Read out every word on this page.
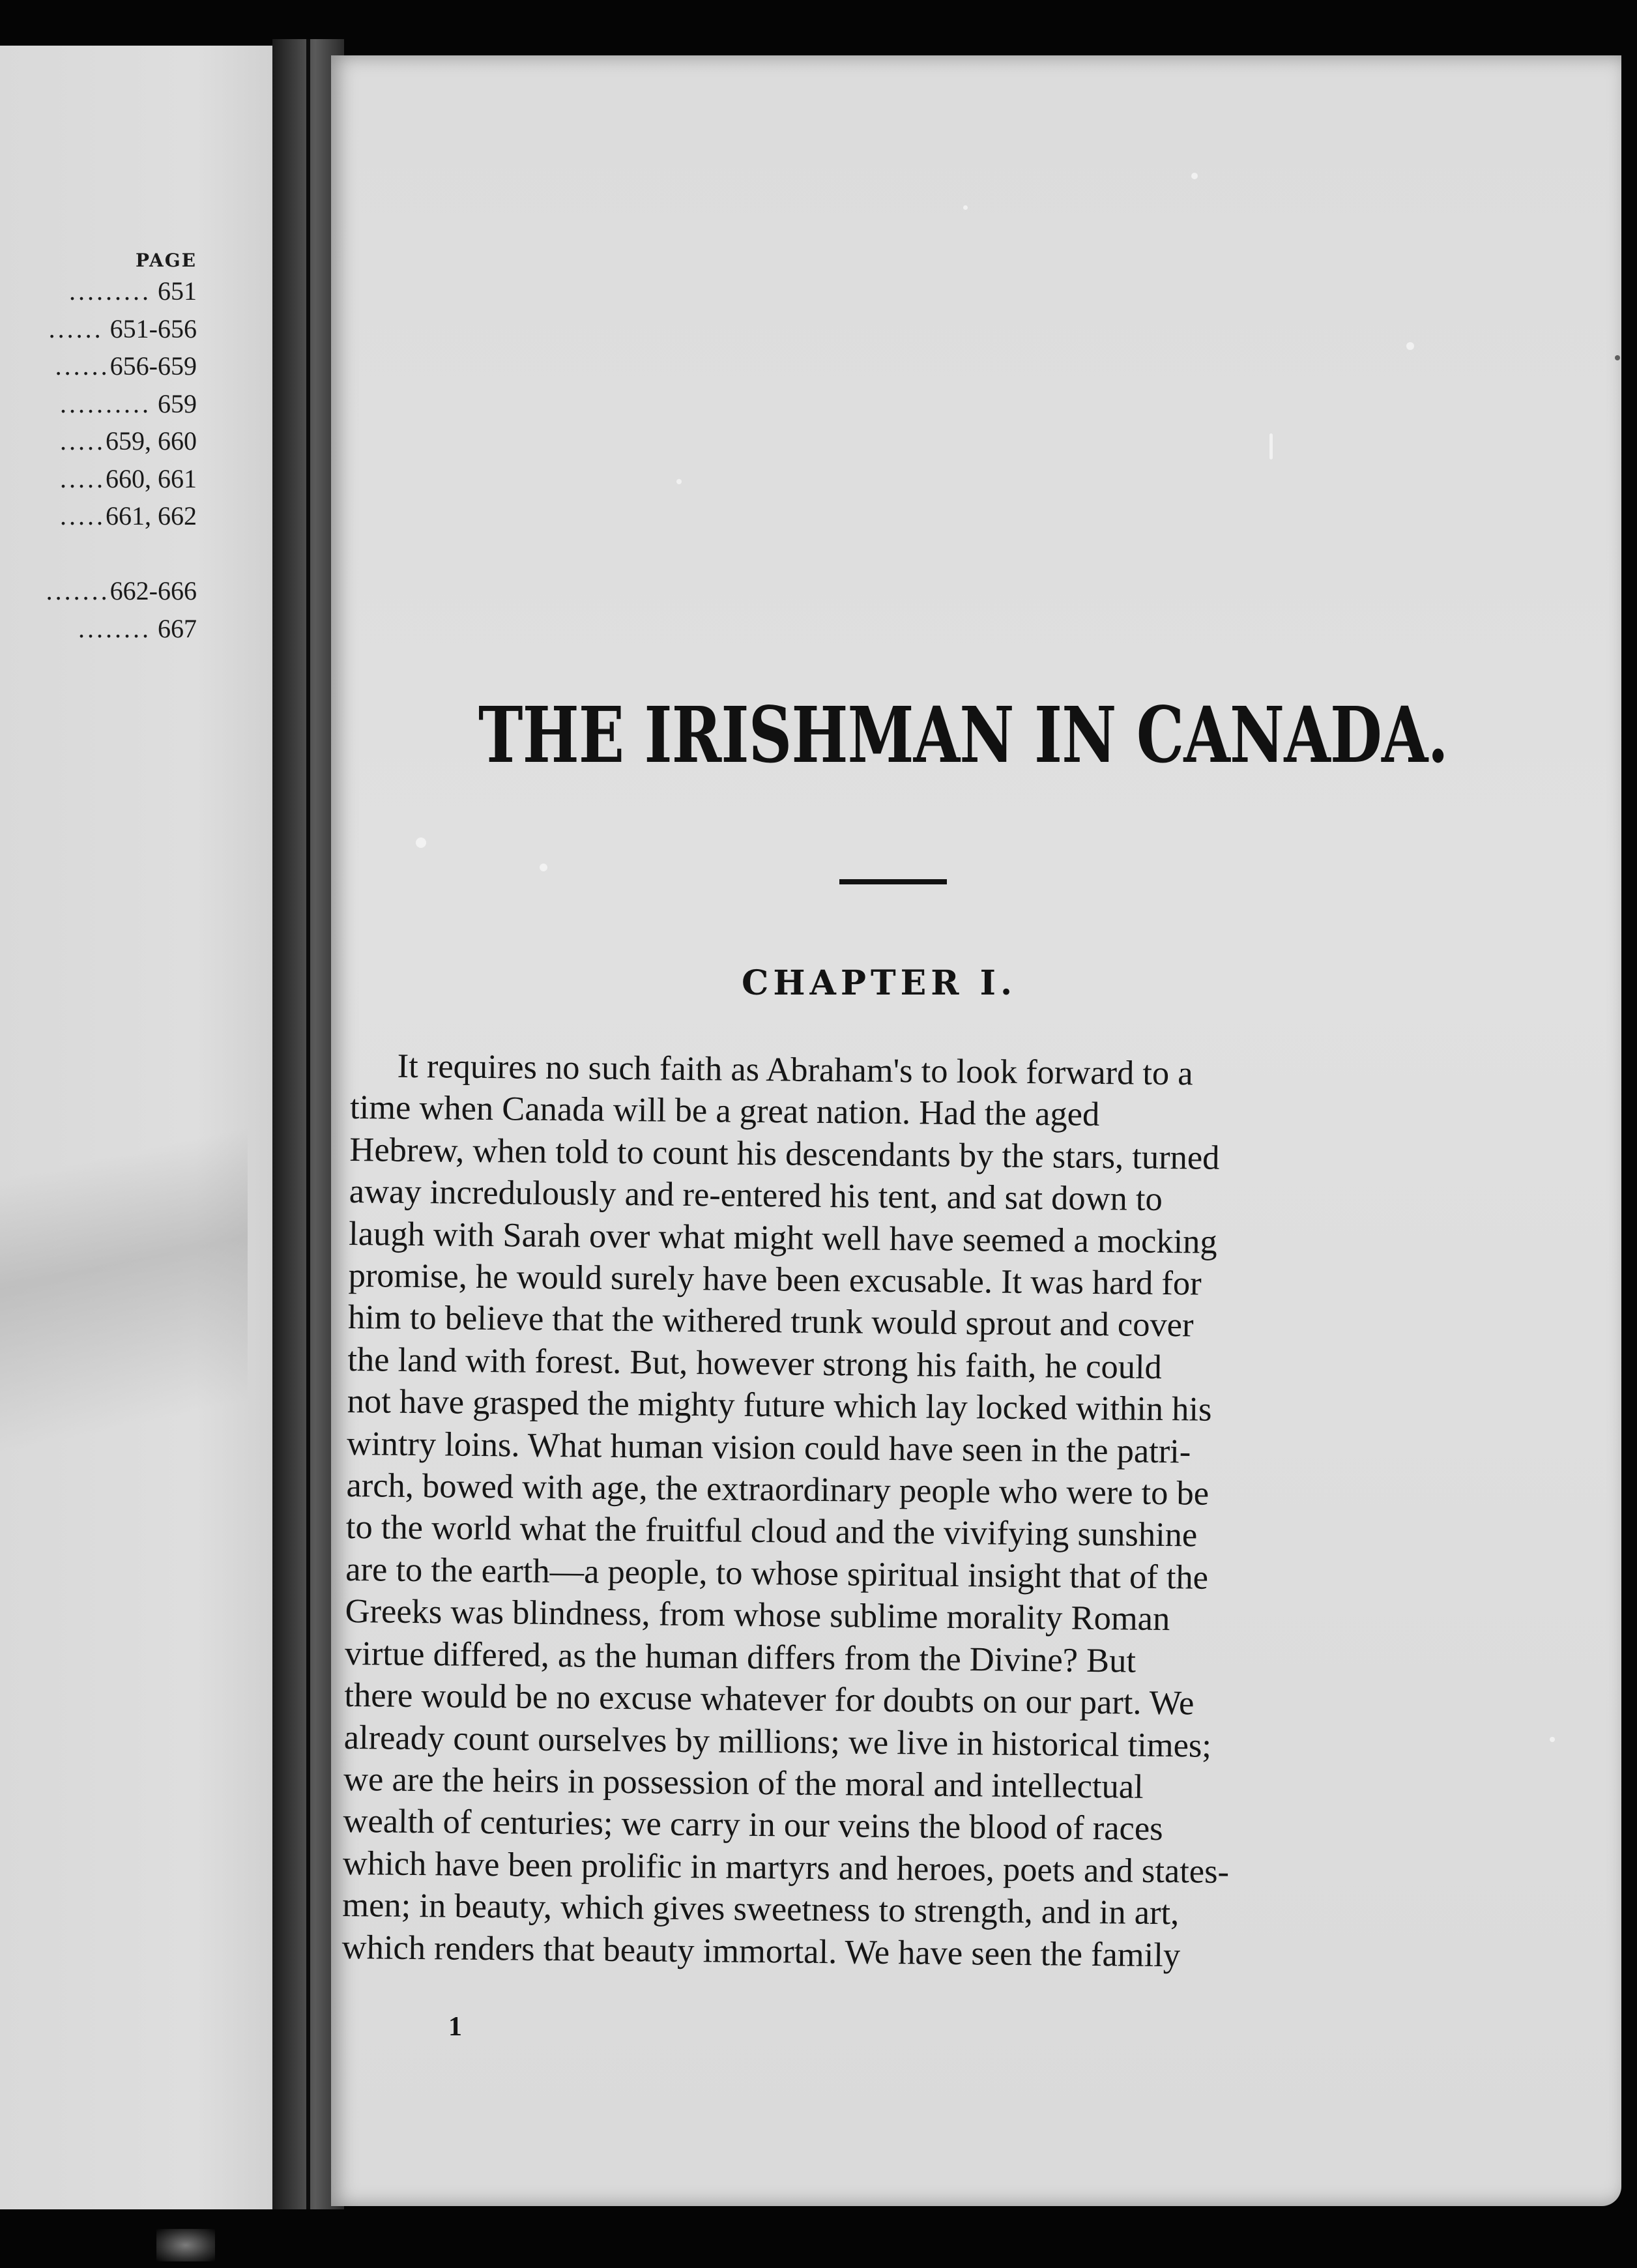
PAGE
......... 651
...... 651-656
......656-659
.......... 659
.....659, 660
.....660, 661
.....661, 662
.......662-666
........ 667
THE IRISHMAN IN CANADA.
CHAPTER I.
It requires no such faith as Abraham's to look forward to a
time when Canada will be a great nation. Had the aged
Hebrew, when told to count his descendants by the stars, turned
away incredulously and re-entered his tent, and sat down to
laugh with Sarah over what might well have seemed a mocking
promise, he would surely have been excusable. It was hard for
him to believe that the withered trunk would sprout and cover
the land with forest. But, however strong his faith, he could
not have grasped the mighty future which lay locked within his
wintry loins. What human vision could have seen in the patri-
arch, bowed with age, the extraordinary people who were to be
to the world what the fruitful cloud and the vivifying sunshine
are to the earth—a people, to whose spiritual insight that of the
Greeks was blindness, from whose sublime morality Roman
virtue differed, as the human differs from the Divine? But
there would be no excuse whatever for doubts on our part. We
already count ourselves by millions; we live in historical times;
we are the heirs in possession of the moral and intellectual
wealth of centuries; we carry in our veins the blood of races
which have been prolific in martyrs and heroes, poets and states-
men; in beauty, which gives sweetness to strength, and in art,
which renders that beauty immortal. We have seen the family
1
